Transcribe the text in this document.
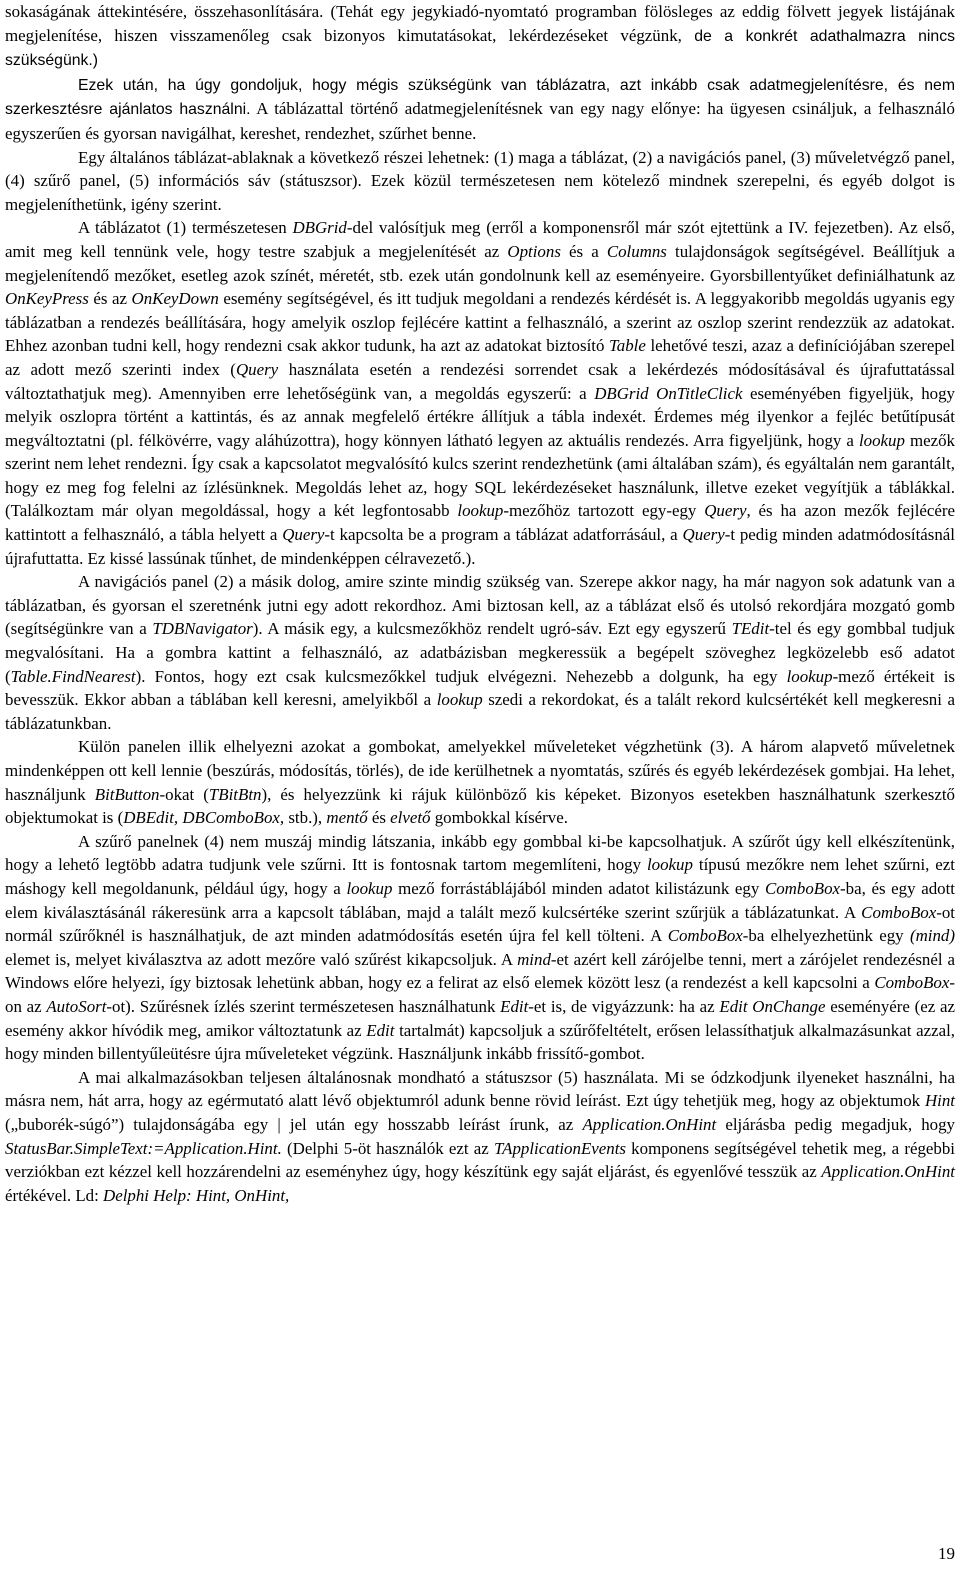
sokaságának áttekintésére, összehasonlítására. (Tehát egy jegykiadó-nyomtató programban fölösleges az eddig fölvett jegyek listájának megjelenítése, hiszen visszamenőleg csak bizonyos kimutatásokat, lekérdezéseket végzünk, de a konkrét adathalmazra nincs szükségünk.)

Ezek után, ha úgy gondoljuk, hogy mégis szükségünk van táblázatra, azt inkább csak adatmegjelenítésre, és nem szerkesztésre ajánlatos használni. A táblázattal történő adatmegjelenítésnek van egy nagy előnye: ha ügyesen csináljuk, a felhasználó egyszerűen és gyorsan navigálhat, kereshet, rendezhet, szűrhet benne.

Egy általános táblázat-ablaknak a következő részei lehetnek: (1) maga a táblázat, (2) a navigációs panel, (3) műveletvégző panel, (4) szűrő panel, (5) információs sáv (státuszsor). Ezek közül természetesen nem kötelező mindnek szerepelni, és egyéb dolgot is megjeleníthetünk, igény szerint.

A táblázatot (1) természetesen DBGrid-del valósítjuk meg (erről a komponensről már szót ejtettünk a IV. fejezetben). Az első, amit meg kell tennünk vele, hogy testre szabjuk a megjelenítését az Options és a Columns tulajdonságok segítségével. Beállítjuk a megjelenítendő mezőket, esetleg azok színét, méretét, stb. ezek után gondolnunk kell az eseményeire. Gyorsbillentyűket definiálhatunk az OnKeyPress és az OnKeyDown esemény segítségével, és itt tudjuk megoldani a rendezés kérdését is. A leggyakoribb megoldás ugyanis egy táblázatban a rendezés beállítására, hogy amelyik oszlop fejlécére kattint a felhasználó, a szerint az oszlop szerint rendezzük az adatokat. Ehhez azonban tudni kell, hogy rendezni csak akkor tudunk, ha azt az adatokat biztosító Table lehetővé teszi, azaz a definíciójában szerepel az adott mező szerinti index (Query használata esetén a rendezési sorrendet csak a lekérdezés módosításával és újrafuttatással változtathatjuk meg). Amennyiben erre lehetőségünk van, a megoldás egyszerű: a DBGrid OnTitleClick eseményében figyeljük, hogy melyik oszlopra történt a kattintás, és az annak megfelelő értékre állítjuk a tábla indexét. Érdemes még ilyenkor a fejléc betűtípusát megváltoztatni (pl. félkövérre, vagy aláhúzottra), hogy könnyen látható legyen az aktuális rendezés. Arra figyeljünk, hogy a lookup mezők szerint nem lehet rendezni. Így csak a kapcsolatot megvalósító kulcs szerint rendezhetünk (ami általában szám), és egyáltalán nem garantált, hogy ez meg fog felelni az ízlésünknek. Megoldás lehet az, hogy SQL lekérdezéseket használunk, illetve ezeket vegyítjük a táblákkal. (Találkoztam már olyan megoldással, hogy a két legfontosabb lookup-mezőhöz tartozott egy-egy Query, és ha azon mezők fejlécére kattintott a felhasználó, a tábla helyett a Query-t kapcsolta be a program a táblázat adatforrásául, a Query-t pedig minden adatmódosításnál újrafuttatta. Ez kissé lassúnak tűnhet, de mindenképpen célravezető.).

A navigációs panel (2) a másik dolog, amire szinte mindig szükség van. Szerepe akkor nagy, ha már nagyon sok adatunk van a táblázatban, és gyorsan el szeretnénk jutni egy adott rekordhoz. Ami biztosan kell, az a táblázat első és utolsó rekordjára mozgató gomb (segítségünkre van a TDBNavigator). A másik egy, a kulcsmezőkhöz rendelt ugró-sáv. Ezt egy egyszerű TEdit-tel és egy gombbal tudjuk megvalósítani. Ha a gombra kattint a felhasználó, az adatbázisban megkeressük a begépelt szöveghez legközelebb eső adatot (Table.FindNearest). Fontos, hogy ezt csak kulcsmezőkkel tudjuk elvégezni. Nehezebb a dolgunk, ha egy lookup-mező értékeit is bevesszük. Ekkor abban a táblában kell keresni, amelyikből a lookup szedi a rekordokat, és a talált rekord kulcsértékét kell megkeresni a táblázatunkban.

Külön panelen illik elhelyezni azokat a gombokat, amelyekkel műveleteket végzhetünk (3). A három alapvető műveletnek mindenképpen ott kell lennie (beszúrás, módosítás, törlés), de ide kerülhetnek a nyomtatás, szűrés és egyéb lekérdezések gombjai. Ha lehet, használjunk BitButton-okat (TBitBtn), és helyezzünk ki rájuk különböző kis képeket. Bizonyos esetekben használhatunk szerkesztő objektumokat is (DBEdit, DBComboBox, stb.), mentő és elvető gombokkal kísérve.

A szűrő panelnek (4) nem muszáj mindig látszania, inkább egy gombbal ki-be kapcsolhatjuk. A szűrőt úgy kell elkészítenünk, hogy a lehető legtöbb adatra tudjunk vele szűrni. Itt is fontosnak tartom megemlíteni, hogy lookup típusú mezőkre nem lehet szűrni, ezt máshogy kell megoldanunk, például úgy, hogy a lookup mező forrástáblájából minden adatot kilistázunk egy ComboBox-ba, és egy adott elem kiválasztásánál rákeresünk arra a kapcsolt táblában, majd a talált mező kulcsértéke szerint szűrjük a táblázatunkat. A ComboBox-ot normál szűrőknél is használhatjuk, de azt minden adatmódosítás esetén újra fel kell tölteni. A ComboBox-ba elhelyezhetünk egy (mind) elemet is, melyet kiválasztva az adott mezőre való szűrést kikapcsoljuk. A mind-et azért kell zárójelbe tenni, mert a zárójelet rendezésnél a Windows előre helyezi, így biztosak lehetünk abban, hogy ez a felirat az első elemek között lesz (a rendezést a kell kapcsolni a ComboBox-on az AutoSort-ot). Szűrésnek ízlés szerint természetesen használhatunk Edit-et is, de vigyázzunk: ha az Edit OnChange eseményére (ez az esemény akkor hívódik meg, amikor változtatunk az Edit tartalmát) kapcsoljuk a szűrőfeltételt, erősen lelassíthatjuk alkalmazásunkat azzal, hogy minden billentyűleütésre újra műveleteket végzünk. Használjunk inkább frissítő-gombot.

A mai alkalmazásokban teljesen általánosnak mondható a státuszsor (5) használata. Mi se ódzkodjunk ilyeneket használni, ha másra nem, hát arra, hogy az egérmutató alatt lévő objektumról adunk benne rövid leírást. Ezt úgy tehetjük meg, hogy az objektumok Hint („buborék-súgó”) tulajdonságába egy | jel után egy hosszabb leírást írunk, az Application.OnHint eljárásba pedig megadjuk, hogy StatusBar.SimpleText:=Application.Hint. (Delphi 5-öt használók ezt az TApplicationEvents komponens segítségével tehetik meg, a régebbi verziókban ezt kézzel kell hozzárendelni az eseményhez úgy, hogy készítünk egy saját eljárást, és egyenlővé tesszük az Application.OnHint értékével. Ld: Delphi Help: Hint, OnHint,

19
